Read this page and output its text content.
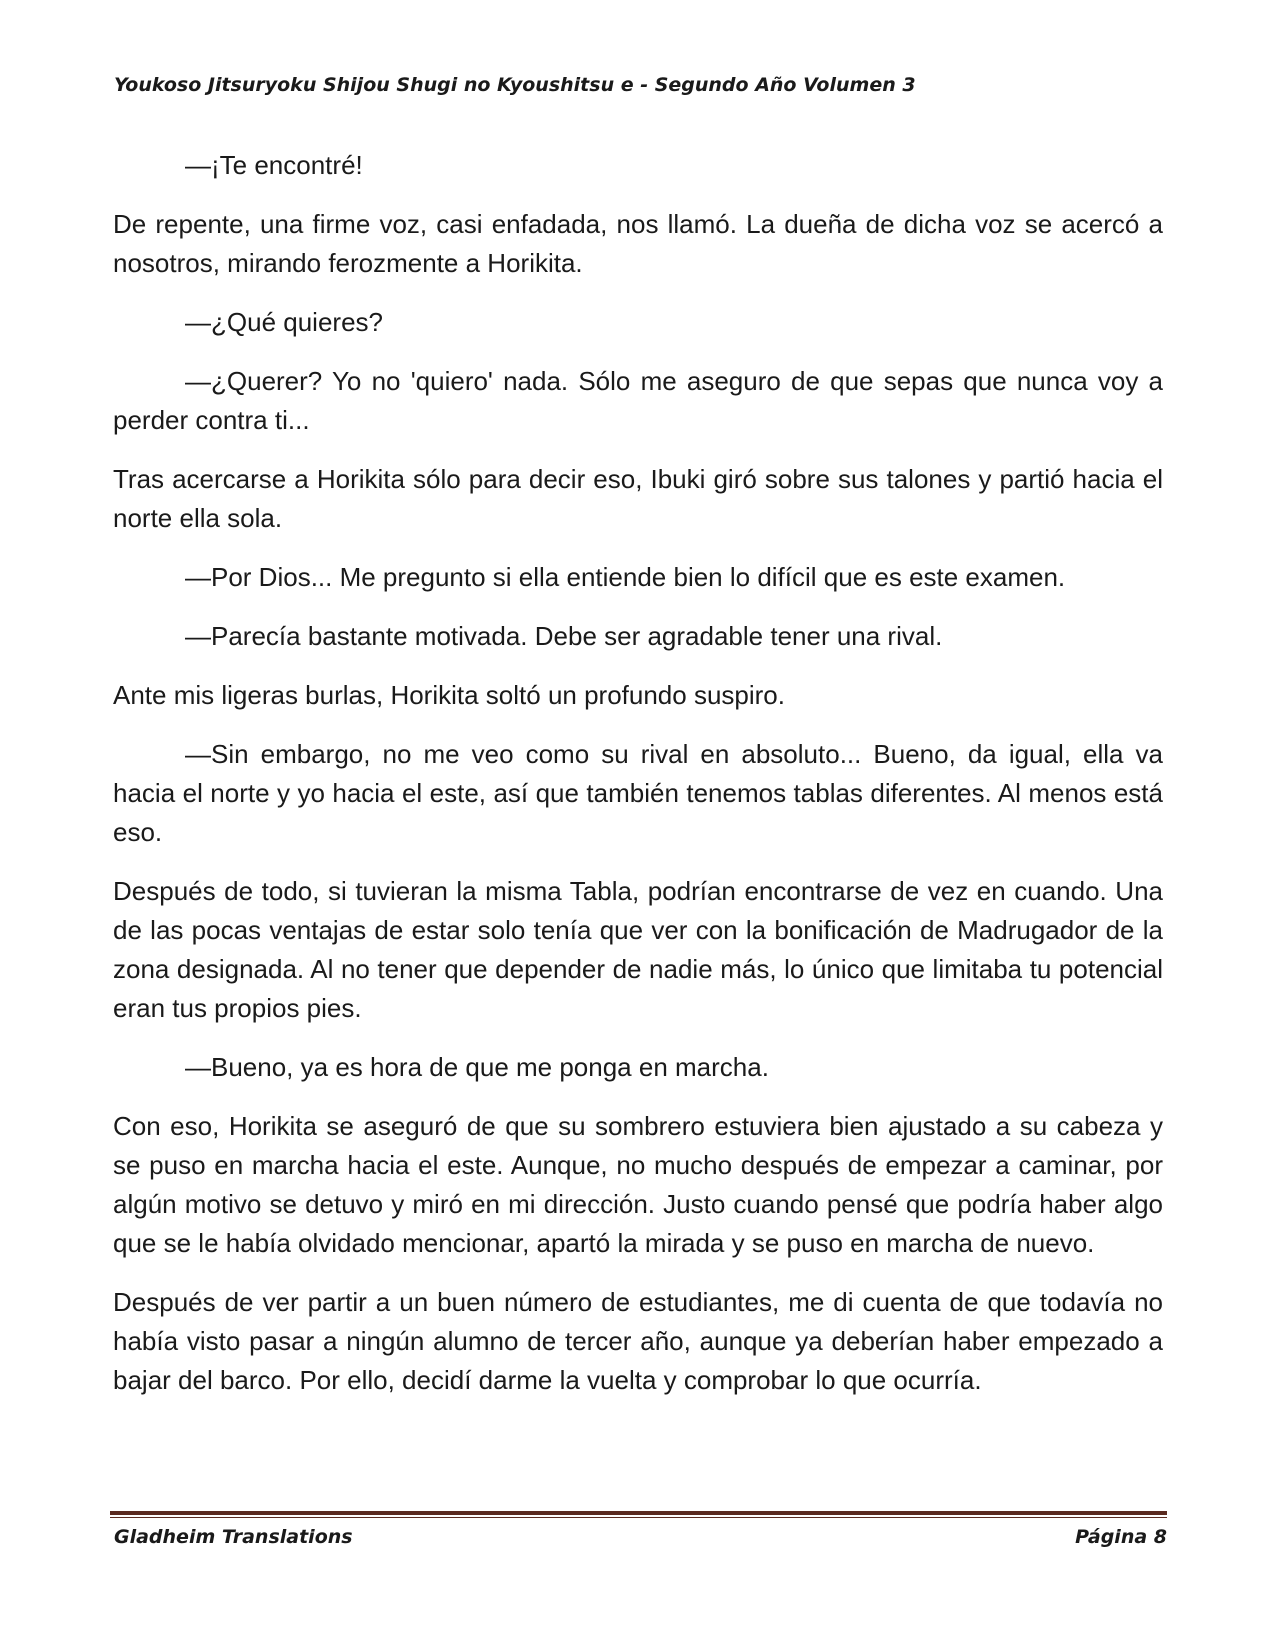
Youkoso Jitsuryoku Shijou Shugi no Kyoushitsu e - Segundo Año Volumen 3

—¡Te encontré!

De repente, una firme voz, casi enfadada, nos llamó. La dueña de dicha voz se acercó a nosotros, mirando ferozmente a Horikita.

—¿Qué quieres?

—¿Querer? Yo no 'quiero' nada. Sólo me aseguro de que sepas que nunca voy a perder contra ti...

Tras acercarse a Horikita sólo para decir eso, Ibuki giró sobre sus talones y partió hacia el norte ella sola.

—Por Dios... Me pregunto si ella entiende bien lo difícil que es este examen.

—Parecía bastante motivada. Debe ser agradable tener una rival.

Ante mis ligeras burlas, Horikita soltó un profundo suspiro.

—Sin embargo, no me veo como su rival en absoluto... Bueno, da igual, ella va hacia el norte y yo hacia el este, así que también tenemos tablas diferentes. Al menos está eso.

Después de todo, si tuvieran la misma Tabla, podrían encontrarse de vez en cuando. Una de las pocas ventajas de estar solo tenía que ver con la bonificación de Madrugador de la zona designada. Al no tener que depender de nadie más, lo único que limitaba tu potencial eran tus propios pies.

—Bueno, ya es hora de que me ponga en marcha.

Con eso, Horikita se aseguró de que su sombrero estuviera bien ajustado a su cabeza y se puso en marcha hacia el este. Aunque, no mucho después de empezar a caminar, por algún motivo se detuvo y miró en mi dirección. Justo cuando pensé que podría haber algo que se le había olvidado mencionar, apartó la mirada y se puso en marcha de nuevo.

Después de ver partir a un buen número de estudiantes, me di cuenta de que todavía no había visto pasar a ningún alumno de tercer año, aunque ya deberían haber empezado a bajar del barco. Por ello, decidí darme la vuelta y comprobar lo que ocurría.

Gladheim Translations	Página 8
